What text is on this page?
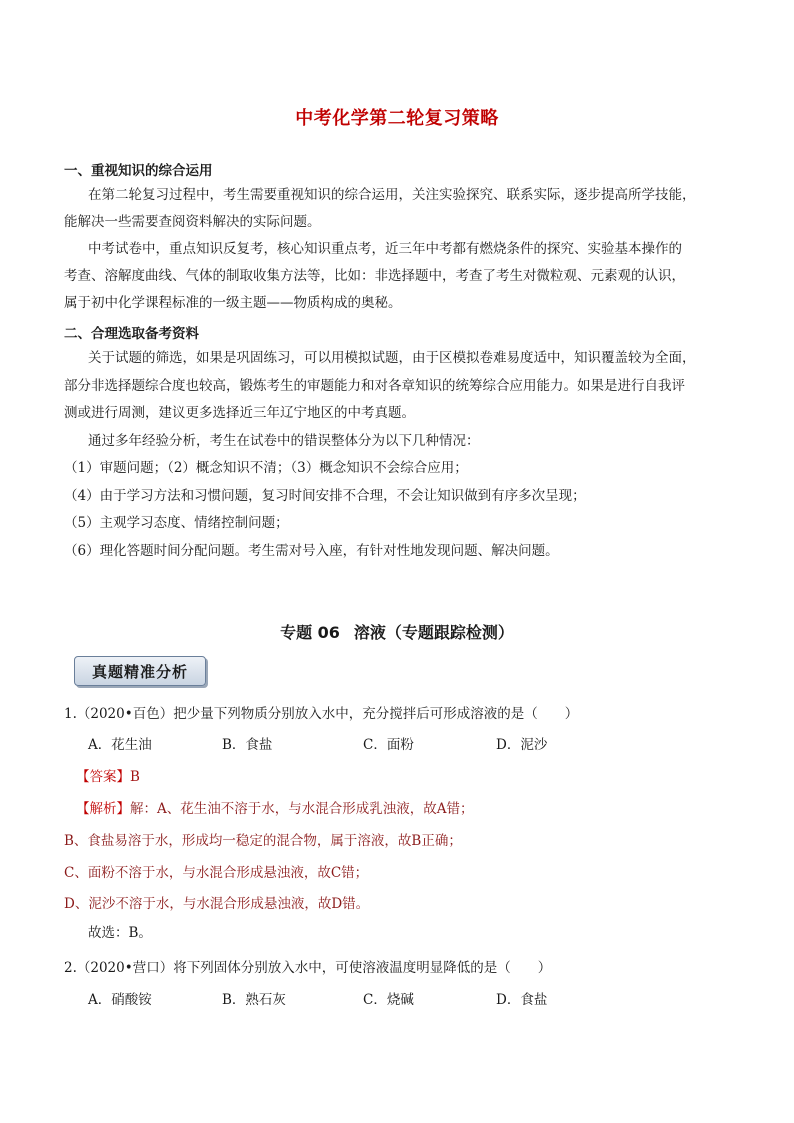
中考化学第二轮复习策略
一、重视知识的综合运用
在第二轮复习过程中，考生需要重视知识的综合运用，关注实验探究、联系实际，逐步提高所学技能，
能解决一些需要查阅资料解决的实际问题。
中考试卷中，重点知识反复考，核心知识重点考，近三年中考都有燃烧条件的探究、实验基本操作的
考查、溶解度曲线、气体的制取收集方法等，比如：非选择题中，考查了考生对微粒观、元素观的认识，
属于初中化学课程标准的一级主题——物质构成的奥秘。
二、合理选取备考资料
关于试题的筛选，如果是巩固练习，可以用模拟试题，由于区模拟卷难易度适中，知识覆盖较为全面，
部分非选择题综合度也较高，锻炼考生的审题能力和对各章知识的统筹综合应用能力。如果是进行自我评
测或进行周测，建议更多选择近三年辽宁地区的中考真题。
通过多年经验分析，考生在试卷中的错误整体分为以下几种情况：
（1）审题问题；（2）概念知识不清；（3）概念知识不会综合应用；
（4）由于学习方法和习惯问题，复习时间安排不合理，不会让知识做到有序多次呈现；
（5）主观学习态度、情绪控制问题；
（6）理化答题时间分配问题。考生需对号入座，有针对性地发现问题、解决问题。
专题 06 溶液（专题跟踪检测）
真题精准分析
1.（2020•百色）把少量下列物质分别放入水中，充分搅拌后可形成溶液的是（　　）
A．花生油	B．食盐	C．面粉	D．泥沙
【答案】B
【解析】解：A、花生油不溶于水，与水混合形成乳浊液，故A错；
B、食盐易溶于水，形成均一稳定的混合物，属于溶液，故B正确；
C、面粉不溶于水，与水混合形成悬浊液，故C错；
D、泥沙不溶于水，与水混合形成悬浊液，故D错。
故选：B。
2.（2020•营口）将下列固体分别放入水中，可使溶液温度明显降低的是（　　）
A．硝酸铵	B．熟石灰	C．烧碱	D．食盐
